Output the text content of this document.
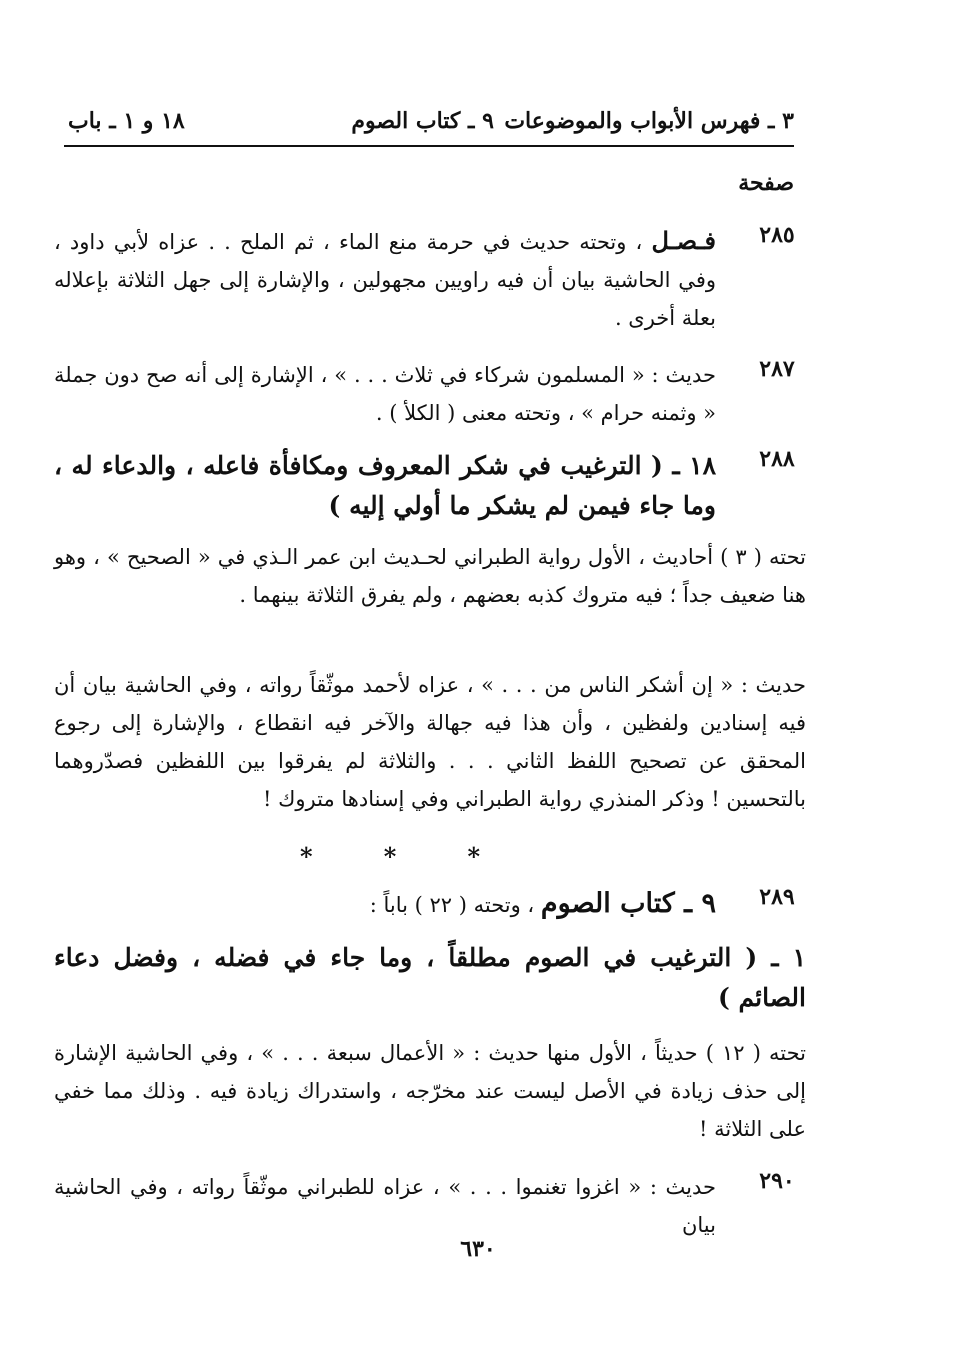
٣ ـ فهرس الأبواب والموضوعات
٩ ـ كتاب الصوم
١٨ و ١ ـ باب
صفحة
٢٨٥
فـصـل ، وتحته حديث في حرمة منع الماء ، ثم الملح . . عزاه لأبي داود ، وفي الحاشية بيان أن فيه راويين مجهولين ، والإشارة إلى جهل الثلاثة بإعلاله بعلة أخرى .
٢٨٧
حديث : « المسلمون شركاء في ثلاث . . . » ، الإشارة إلى أنه صح دون جملة « وثمنه حرام » ، وتحته معنى ( الكلأ ) .
٢٨٨
١٨ ـ ( الترغيب في شكر المعروف ومكافأة فاعله ، والدعاء له ، وما جاء فيمن لم يشكر ما أولي إليه )
تحته ( ٣ ) أحاديث ، الأول رواية الطبراني لحـديث ابن عمر الـذي في « الصحيح » ، وهو هنا ضعيف جداً ؛ فيه متروك كذبه بعضهم ، ولم يفرق الثلاثة بينهما .
حديث : « إن أشكر الناس من . . . » ، عزاه لأحمد موثّقاً رواته ، وفي الحاشية بيان أن فيه إسنادين ولفظين ، وأن هذا فيه جهالة والآخر فيه انقطاع ، والإشارة إلى رجوع المحقق عن تصحيح اللفظ الثاني . . . والثلاثة لم يفرقوا بين اللفظين فصدّروهما بالتحسين ! وذكر المنذري رواية الطبراني وفي إسنادها متروك !
*	*	*
٢٨٩
٩ ـ كتاب الصوم ، وتحته ( ٢٢ ) باباً :
١ ـ ( الترغيب في الصوم مطلقاً ، وما جاء في فضله ، وفضل دعاء الصائم )
تحته ( ١٢ ) حديثاً ، الأول منها حديث : « الأعمال سبعة . . . » ، وفي الحاشية الإشارة إلى حذف زيادة في الأصل ليست عند مخرّجه ، واستدراك زيادة فيه . وذلك مما خفي على الثلاثة !
٢٩٠
حديث : « اغزوا تغنموا . . . » ، عزاه للطبراني موثّقاً رواته ، وفي الحاشية بيان
٦٣٠
